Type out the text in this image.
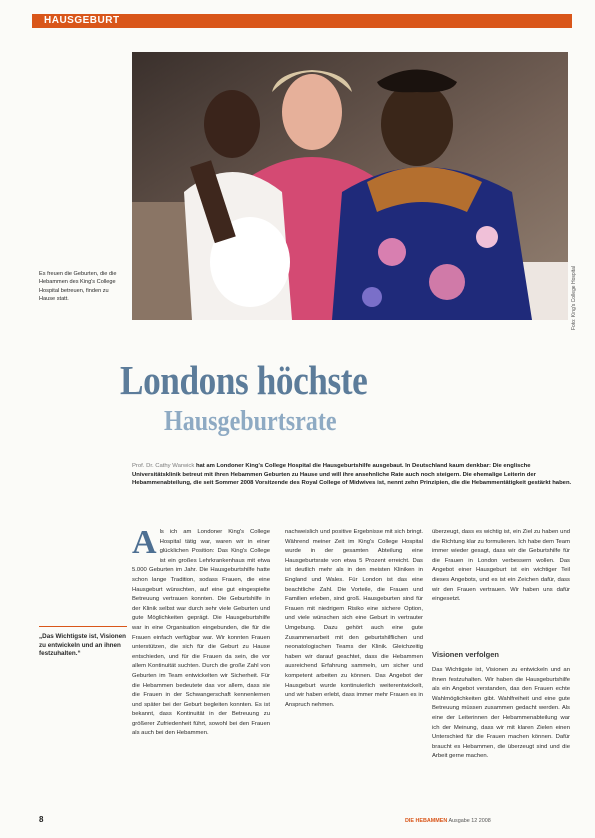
HAUSGEBURT
Foto: King's College Hospital
Es freuen die Geburten, die die Hebammen des King's College Hospital betreuen, finden zu Hause statt.
Londons höchste
Hausgeburtsrate
Prof. Dr. Cathy Warwick hat am Londoner King's College Hospital die Hausgeburtshilfe ausgebaut. In Deutschland kaum denkbar: Die englische Universitätsklinik betreut mit ihren Hebammen Geburten zu Hause und will ihre ansehnliche Rate auch noch steigern. Die ehemalige Leiterin der Hebammenabteilung, die seit Sommer 2008 Vorsitzende des Royal College of Midwives ist, nennt zehn Prinzipien, die die Hebammentätigkeit gestärkt haben.
Als ich am Londoner King's College Hospital tätig war, waren wir in einer glücklichen Position: Das King's College ist ein großes Lehrkrankenhaus mit etwa 5.000 Geburten im Jahr. Die Hausgeburtshilfe hatte schon lange Tradition, sodass Frauen, die eine Hausgeburt wünschten, auf eine gut eingespielte Betreuung vertrauen konnten. Die Geburtshilfe in der Klinik selbst war durch sehr viele Geburten und gute Möglichkeiten geprägt. Die Hausgeburtshilfe war in eine Organisation eingebunden, die für die Frauen einfach verfügbar war. Wir konnten Frauen unterstützen, die sich für die Geburt zu Hause entschieden, und für die Frauen da sein, die vor allem Kontinuität suchten. Durch die große Zahl von Geburten im Team entwickelten wir Sicherheit. Für die Hebammen bedeutete das vor allem, dass sie die Frauen in der Schwangerschaft kennenlernen und später bei der Geburt begleiten konnten. Es ist bekannt, dass Kontinuität in der Betreuung zu größerer Zufriedenheit führt, sowohl bei den Frauen als auch bei den Hebammen.

nachweislich und positive Ergebnisse mit sich bringt. Während meiner Zeit im King's College Hospital wurde in der gesamten Abteilung eine Hausgeburtsrate von etwa 5 Prozent erreicht. Das ist deutlich mehr als in den meisten Kliniken in England und Wales. Für London ist das eine beachtliche Zahl. Die Vorteile, die Frauen und Familien erleben, sind groß. Hausgeburten sind für Frauen mit niedrigem Risiko eine sichere Option, und viele wünschen sich eine Geburt in vertrauter Umgebung. Dazu gehört auch eine gute Zusammenarbeit mit den geburtshilflichen und neonatologischen Teams der Klinik. Gleichzeitig haben wir darauf geachtet, dass die Hebammen ausreichend Erfahrung sammeln, um sicher und kompetent arbeiten zu können. Das Angebot der Hausgeburt wurde kontinuierlich weiterentwickelt, und wir haben erlebt, dass immer mehr Frauen es in Anspruch nehmen.

überzeugt, dass es wichtig ist, ein Ziel zu haben und die Richtung klar zu formulieren. Ich habe dem Team immer wieder gesagt, dass wir die Geburtshilfe für die Frauen in London verbessern wollen. Das Angebot einer Hausgeburt ist ein wichtiger Teil dieses Angebots, und es ist ein Zeichen dafür, dass wir den Frauen vertrauen. Wir haben uns dafür eingesetzt.

Visionen verfolgen

Das Wichtigste ist, Visionen zu entwickeln und an ihnen festzuhalten. Wir haben die Hausgeburtshilfe als ein Angebot verstanden, das den Frauen echte Wahlmöglichkeiten gibt. Wahlfreiheit und eine gute Betreuung müssen zusammen gedacht werden. Als eine der Leiterinnen der Hebammenabteilung war ich der Meinung, dass wir mit klaren Zielen einen Unterschied für die Frauen machen können. Dafür braucht es Hebammen, die überzeugt sind und die Arbeit gerne machen.

„Das Wichtigste ist, Visionen zu entwickeln und an ihnen festzuhalten.“
8	DIE HEBAMMEN Ausgabe 12 2008
